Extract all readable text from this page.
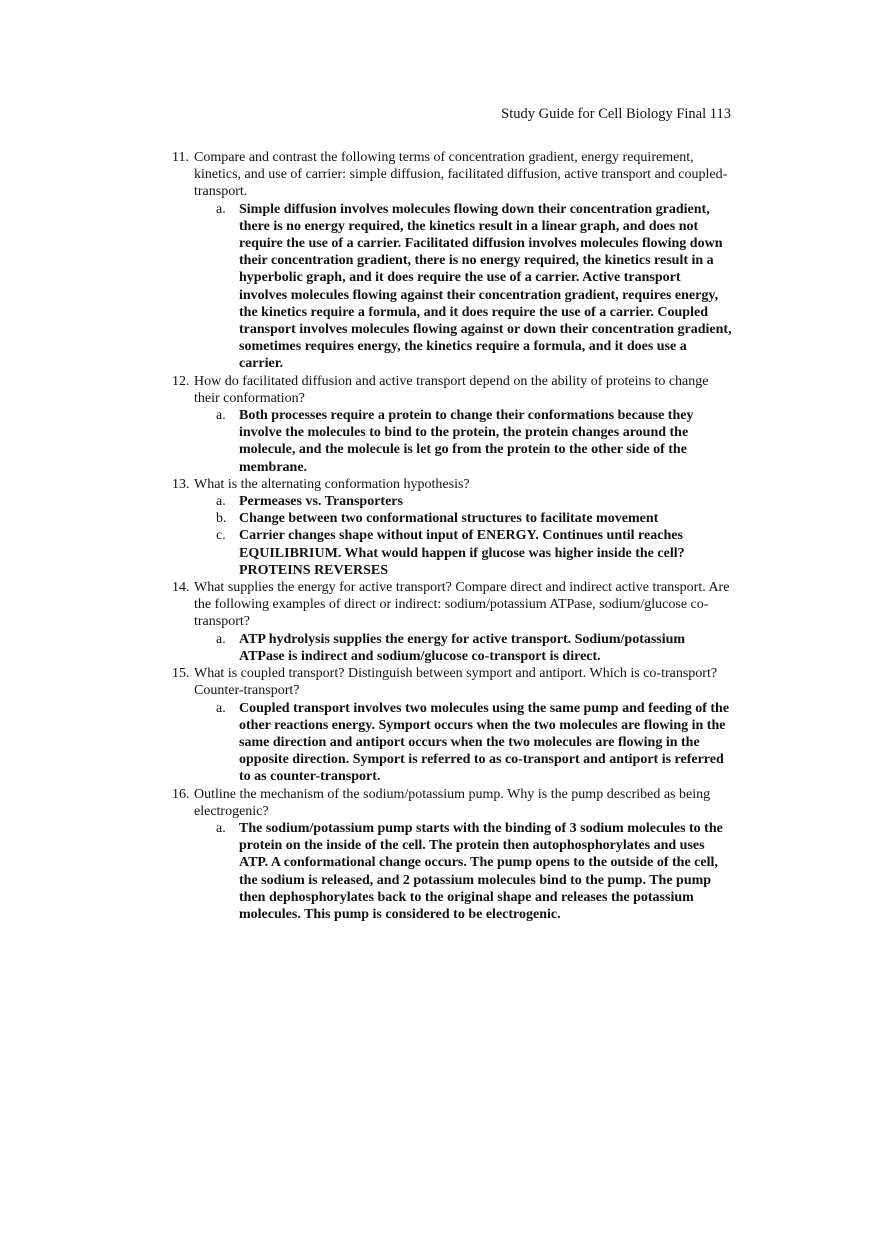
Study Guide for Cell Biology Final 113
11. Compare and contrast the following terms of concentration gradient, energy requirement, kinetics, and use of carrier: simple diffusion, facilitated diffusion, active transport and coupled-transport.
a. Simple diffusion involves molecules flowing down their concentration gradient, there is no energy required, the kinetics result in a linear graph, and does not require the use of a carrier. Facilitated diffusion involves molecules flowing down their concentration gradient, there is no energy required, the kinetics result in a hyperbolic graph, and it does require the use of a carrier. Active transport involves molecules flowing against their concentration gradient, requires energy, the kinetics require a formula, and it does require the use of a carrier. Coupled transport involves molecules flowing against or down their concentration gradient, sometimes requires energy, the kinetics require a formula, and it does use a carrier.
12. How do facilitated diffusion and active transport depend on the ability of proteins to change their conformation?
a. Both processes require a protein to change their conformations because they involve the molecules to bind to the protein, the protein changes around the molecule, and the molecule is let go from the protein to the other side of the membrane.
13. What is the alternating conformation hypothesis?
a. Permeases vs. Transporters
b. Change between two conformational structures to facilitate movement
c. Carrier changes shape without input of ENERGY. Continues until reaches EQUILIBRIUM. What would happen if glucose was higher inside the cell? PROTEINS REVERSES
14. What supplies the energy for active transport? Compare direct and indirect active transport. Are the following examples of direct or indirect: sodium/potassium ATPase, sodium/glucose co-transport?
a. ATP hydrolysis supplies the energy for active transport. Sodium/potassium ATPase is indirect and sodium/glucose co-transport is direct.
15. What is coupled transport? Distinguish between symport and antiport. Which is co-transport? Counter-transport?
a. Coupled transport involves two molecules using the same pump and feeding of the other reactions energy. Symport occurs when the two molecules are flowing in the same direction and antiport occurs when the two molecules are flowing in the opposite direction. Symport is referred to as co-transport and antiport is referred to as counter-transport.
16. Outline the mechanism of the sodium/potassium pump. Why is the pump described as being electrogenic?
a. The sodium/potassium pump starts with the binding of 3 sodium molecules to the protein on the inside of the cell. The protein then autophosphorylates and uses ATP. A conformational change occurs. The pump opens to the outside of the cell, the sodium is released, and 2 potassium molecules bind to the pump. The pump then dephosphorylates back to the original shape and releases the potassium molecules. This pump is considered to be electrogenic.
